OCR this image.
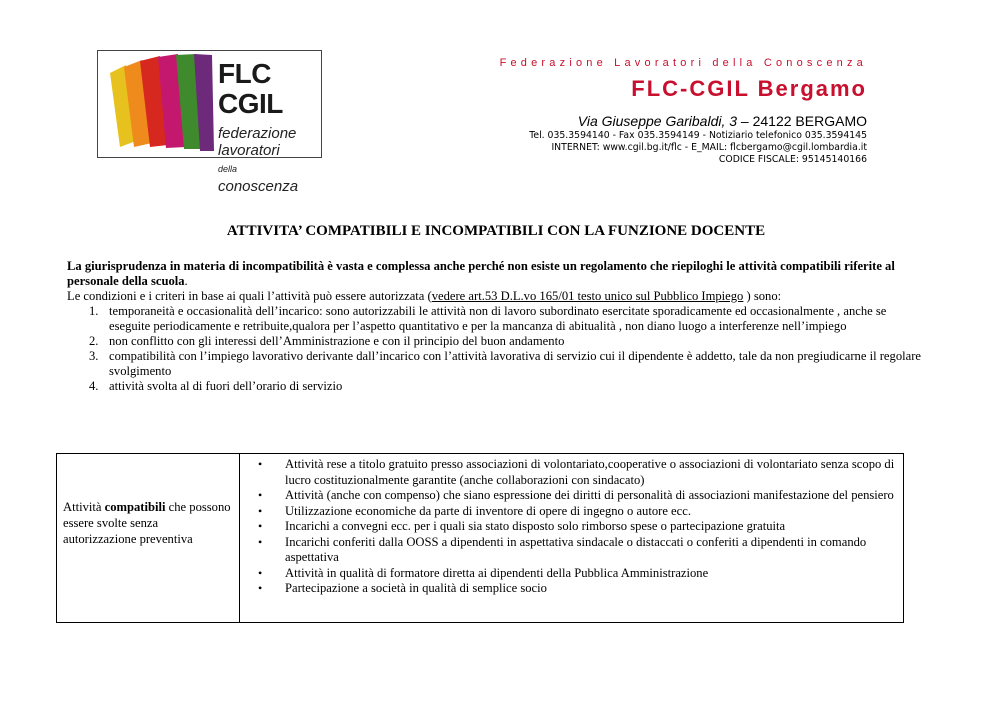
FLC CGIL
federazione
lavoratori
della conoscenza
Federazione Lavoratori della Conoscenza
FLC-CGIL Bergamo
Via Giuseppe Garibaldi, 3 – 24122 BERGAMO
Tel. 035.3594140 - Fax 035.3594149 - Notiziario telefonico 035.3594145
INTERNET: www.cgil.bg.it/flc - E_MAIL: flcbergamo@cgil.lombardia.it
CODICE FISCALE: 95145140166
ATTIVITA’ COMPATIBILI E INCOMPATIBILI CON LA FUNZIONE DOCENTE

La giurisprudenza in materia di incompatibilità è vasta e complessa anche perché non esiste un regolamento che riepiloghi le attività compatibili riferite al personale della scuola.

Le condizioni e i criteri in base ai quali l’attività può essere autorizzata (vedere art.53 D.L.vo 165/01 testo unico sul Pubblico Impiego ) sono:

1. temporaneità e occasionalità dell’incarico: sono autorizzabili le attività non di lavoro subordinato esercitate sporadicamente ed occasionalmente , anche se eseguite periodicamente e retribuite,qualora per l’aspetto quantitativo e per la mancanza di abitualità , non diano luogo a interferenze nell’impiego
2. non conflitto con gli interessi dell’Amministrazione e con il principio del buon andamento
3. compatibilità con l’impiego lavorativo derivante dall’incarico con l’attività lavorativa di servizio cui il dipendente è addetto, tale da non pregiudicarne il regolare svolgimento
4. attività svolta al di fuori dell’orario di servizio
Attività compatibili che possono essere svolte senza autorizzazione preventiva
• Attività rese a titolo gratuito presso associazioni di volontariato,cooperative o associazioni di volontariato senza scopo di lucro costituzionalmente garantite (anche collaborazioni con sindacato)
• Attività (anche con compenso) che siano espressione dei diritti di personalità di associazioni manifestazione del pensiero
• Utilizzazione economiche da parte di inventore di opere di ingegno o autore ecc.
• Incarichi a convegni ecc. per i quali sia stato disposto solo rimborso spese o partecipazione gratuita
• Incarichi conferiti dalla OOSS a dipendenti in aspettativa sindacale o distaccati o conferiti a dipendenti in comando aspettativa
• Attività in qualità di formatore diretta ai dipendenti della Pubblica Amministrazione
• Partecipazione a società in qualità di semplice socio
